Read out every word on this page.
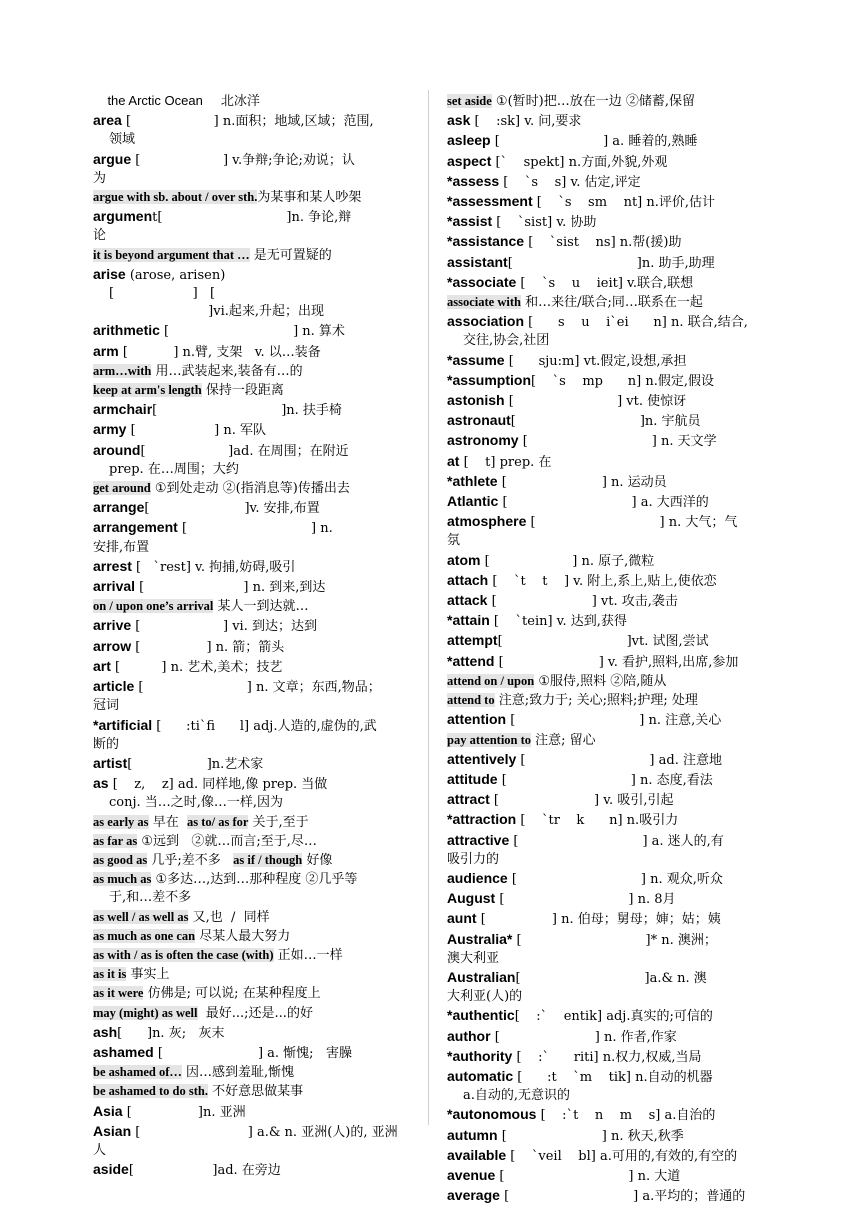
the Arctic Ocean     北冰洋
area [                    ] n.面积；地域,区域；范围,
领域
argue [                    ] v.争辩;争论;劝说；认
为
argue with sb. about / over sth.为某事和某人吵架
argument[                              ]n. 争论,辩
论
it is beyond argument that … 是无可置疑的
arise (arose, arisen)
[                   ]   [
]vi.起来,升起；出现
arithmetic [                              ] n. 算术
arm [           ] n.臂, 支架   v. 以…装备
arm…with 用…武装起来,装备有…的
keep at arm's length 保持一段距离
armchair[                              ]n. 扶手椅
army [                   ] n. 军队
around[                    ]ad. 在周围；在附近
prep. 在…周围；大约
get around ①到处走动 ②(指消息等)传播出去
arrange[                       ]v. 安排,布置
arrangement [                              ] n.
安排,布置
arrest [   `rest] v. 拘捕,妨碍,吸引
arrival [                        ] n. 到来,到达
on / upon one’s arrival 某人一到达就…
arrive [                    ] vi. 到达；达到
arrow [                ] n. 箭；箭头
art [          ] n. 艺术,美术；技艺
article [                         ] n. 文章；东西,物品；
冠词
*artificial [      :ti`fi      l] adj.人造的,虚伪的,武
断的
artist[                  ]n.艺术家
as [    z,    z] ad. 同样地,像 prep. 当做
conj. 当…之时,像…一样,因为
as early as 早在  as to/ as for 关于,至于
as far as ①远到   ②就…而言;至于,尽…
as good as 几乎;差不多   as if / though 好像
as much as ①多达…,达到…那种程度 ②几乎等
于,和…差不多
as well / as well as 又,也  /  同样
as much as one can 尽某人最大努力
as with / as is often the case (with) 正如…一样
as it is 事实上
as it were 仿佛是; 可以说; 在某种程度上
may (might) as well  最好...;还是...的好
ash[      ]n. 灰;   灰末
ashamed [                       ] a. 惭愧;   害臊
be ashamed of… 因…感到羞耻,惭愧
be ashamed to do sth. 不好意思做某事
Asia [                ]n. 亚洲
Asian [                          ] a.& n. 亚洲(人)的, 亚洲
人
aside[                   ]ad. 在旁边
set aside ①(暂时)把…放在一边 ②储蓄,保留
ask [    :sk] v. 问,要求
asleep [                         ] a. 睡着的,熟睡
aspect [`    spekt] n.方面,外貌,外观
*assess [    `s    s] v. 估定,评定
*assessment [    `s    sm    nt] n.评价,估计
*assist [    `sist] v. 协助
*assistance [    `sist    ns] n.帮(援)助
assistant[                              ]n. 助手,助理
*associate [    `s    u    ieit] v.联合,联想
associate with 和…来往/联合;同…联系在一起
association [      s    u    i`ei      n] n. 联合,结合,
交往,协会,社团
*assume [      sju:m] vt.假定,设想,承担
*assumption[    `s    mp      n] n.假定,假设
astonish [                         ] vt. 使惊讶
astronaut[                              ]n. 宇航员
astronomy [                              ] n. 天文学
at [    t] prep. 在
*athlete [                       ] n. 运动员
Atlantic [                              ] a. 大西洋的
atmosphere [                              ] n. 大气；气
氛
atom [                    ] n. 原子,微粒
attach [    `t    t    ] v. 附上,系上,贴上,使依恋
attack [                       ] vt. 攻击,袭击
*attain [    `tein] v. 达到,获得
attempt[                              ]vt. 试图,尝试
*attend [                       ] v. 看护,照料,出席,参加
attend on / upon ①服侍,照料 ②陪,随从
attend to 注意;致力于; 关心;照料;护理; 处理
attention [                              ] n. 注意,关心
pay attention to 注意; 留心
attentively [                              ] ad. 注意地
attitude [                              ] n. 态度,看法
attract [                       ] v. 吸引,引起
*attraction [    `tr    k      n] n.吸引力
attractive [                              ] a. 迷人的,有
吸引力的
audience [                              ] n. 观众,听众
August [                              ] n. 8月
aunt [                ] n. 伯母；舅母；婶；姑；姨
Australia* [                              ]* n. 澳洲；
澳大利亚
Australian[                              ]a.& n. 澳
大利亚(人)的
*authentic[    :`    entik] adj.真实的;可信的
author [                       ] n. 作者,作家
*authority [    :`      riti] n.权力,权威,当局
automatic [      :t    `m    tik] n.自动的机器
a.自动的,无意识的
*autonomous [    :`t    n    m    s] a.自治的
autumn [                       ] n. 秋天,秋季
available [    `veil    bl] a.可用的,有效的,有空的
avenue [                              ] n. 大道
average [                              ] a.平均的；普通的
